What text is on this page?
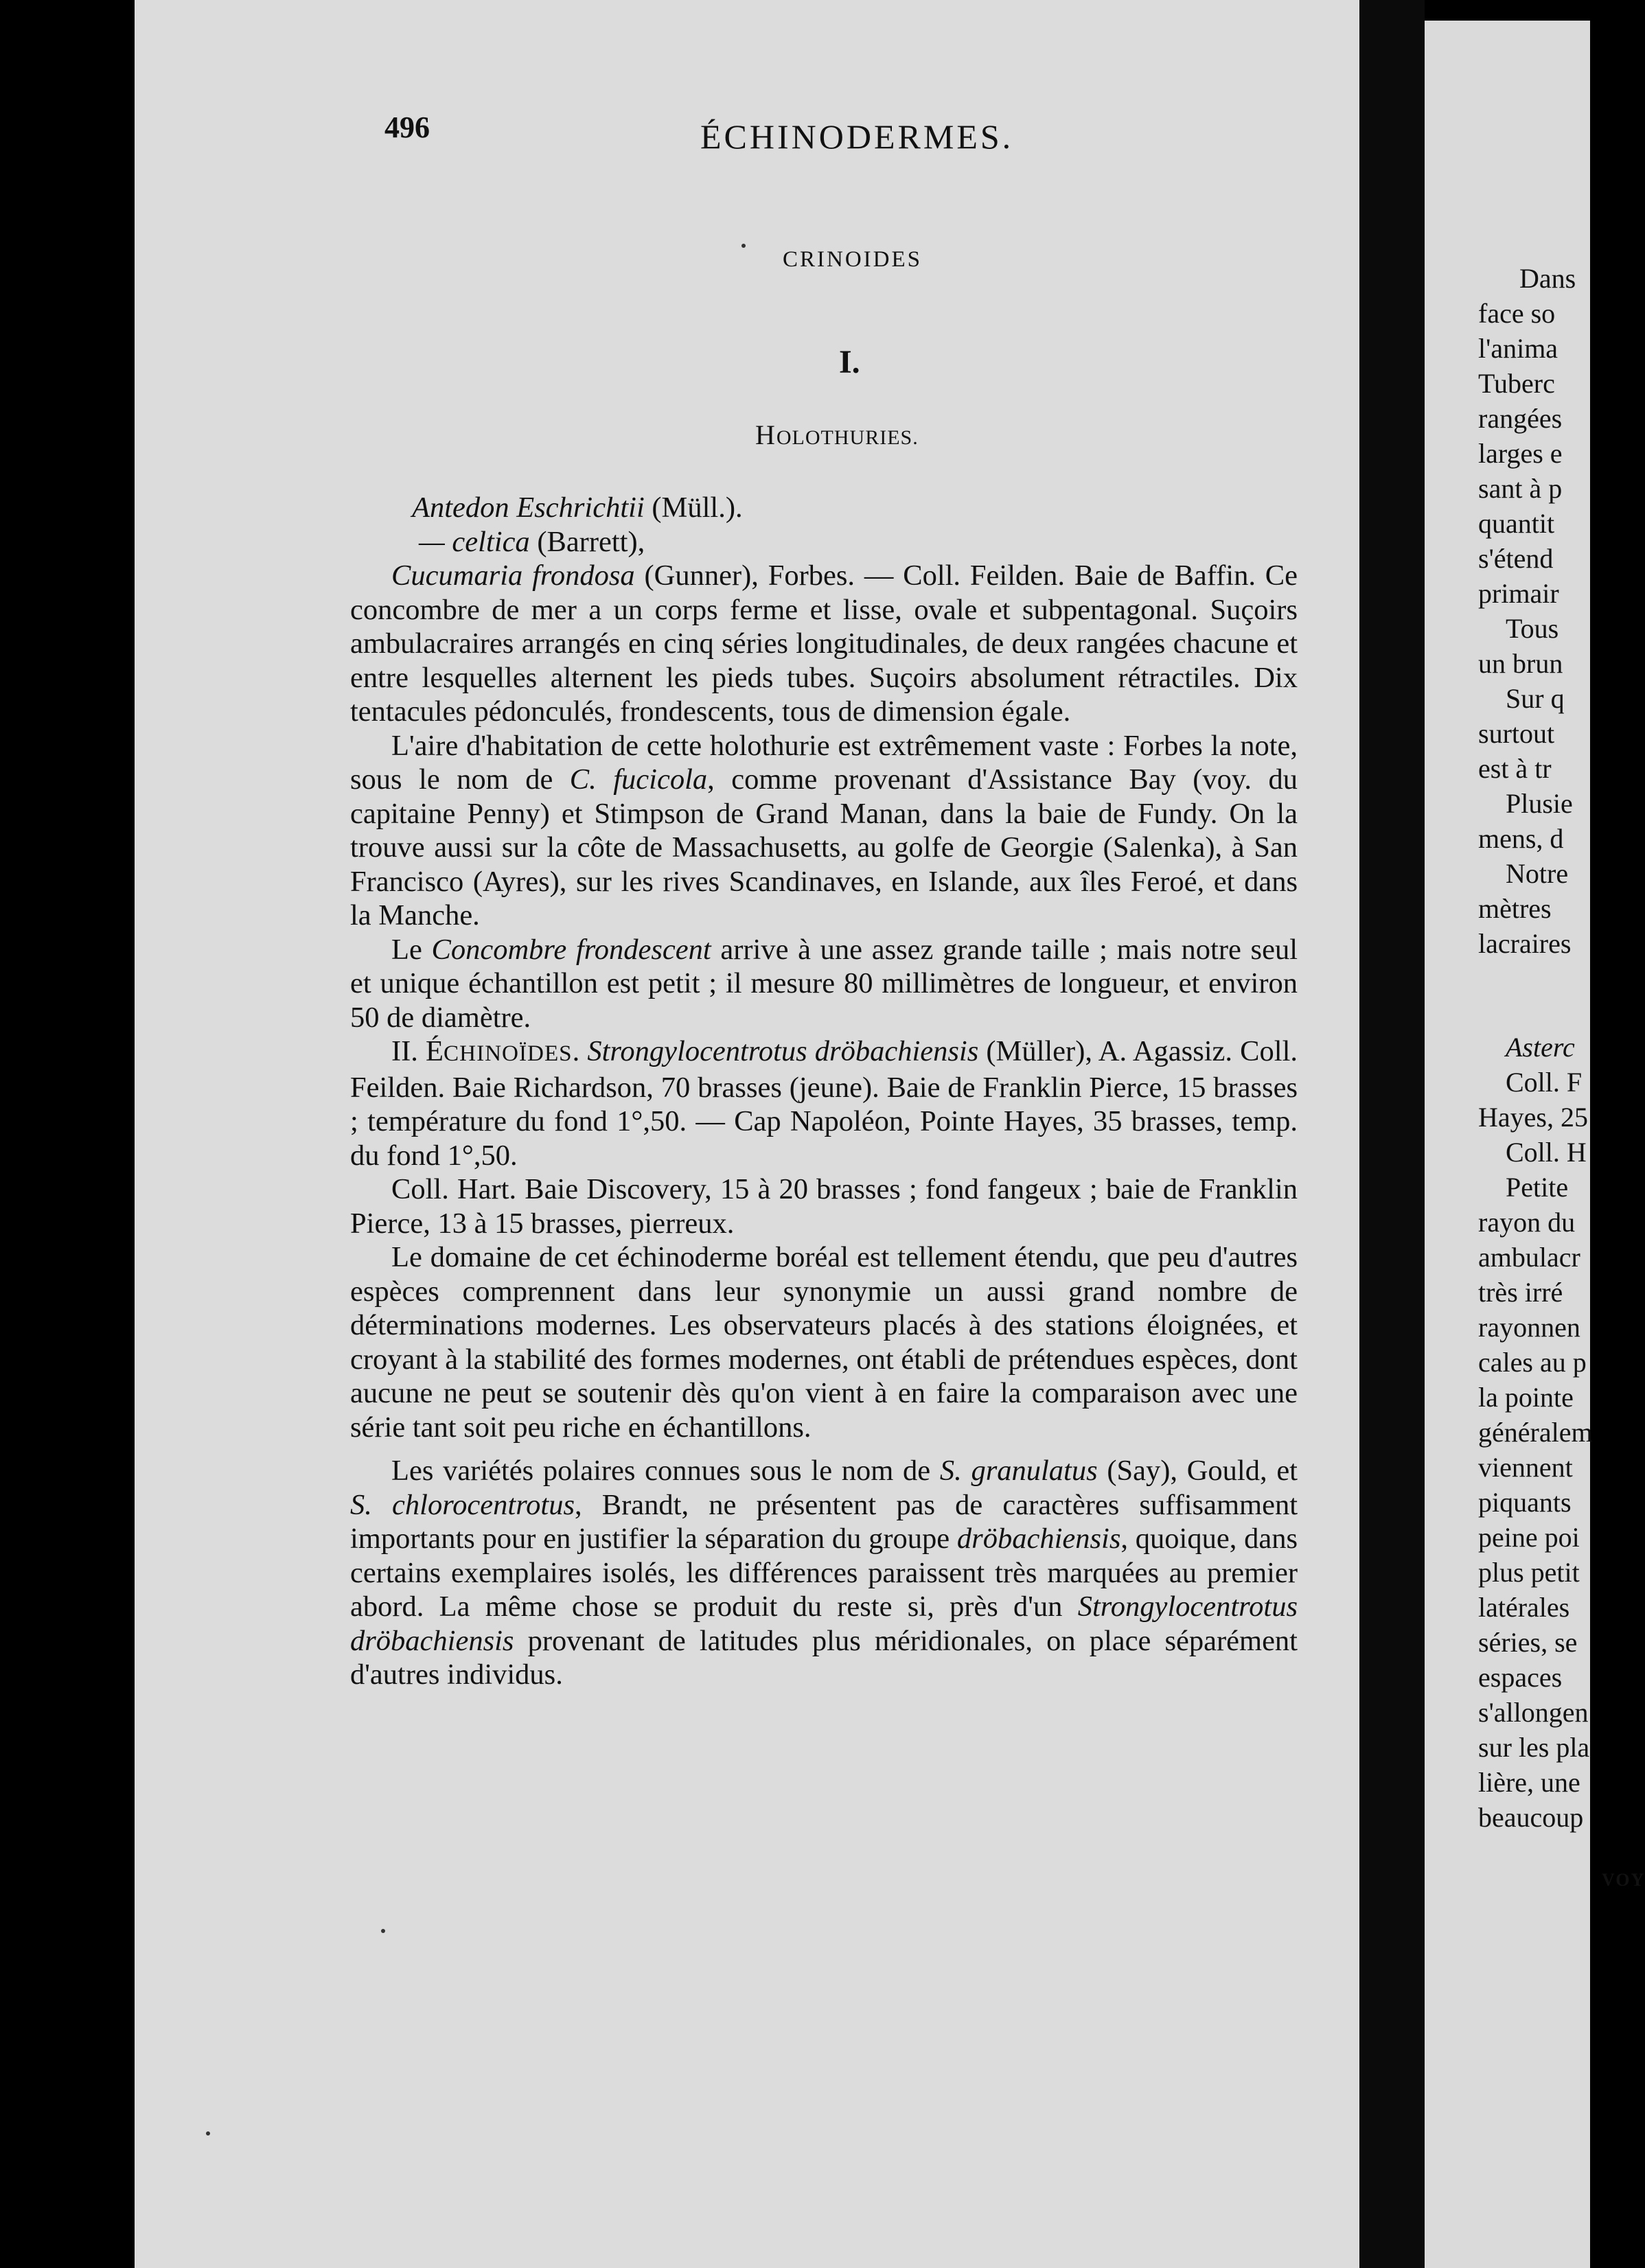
496	ÉCHINODERMES.
CRINOIDES
I.
HOLOTHURIES.

Antedon Eschrichtii (Müll.).

— celtica (Barrett),

Cucumaria frondosa (Gunner), Forbes. — Coll. Feilden. Baie de Baffin. Ce concombre de mer a un corps ferme et lisse, ovale et subpentagonal. Suçoirs ambulacraires arrangés en cinq séries longitudinales, de deux rangées chacune et entre lesquelles alternent les pieds tubes. Suçoirs absolument rétractiles. Dix tentacules pédonculés, frondescents, tous de dimension égale.

L'aire d'habitation de cette holothurie est extrêmement vaste : Forbes la note, sous le nom de C. fucicola, comme provenant d'Assistance Bay (voy. du capitaine Penny) et Stimpson de Grand Manan, dans la baie de Fundy. On la trouve aussi sur la côte de Massachusetts, au golfe de Georgie (Salenka), à San Francisco (Ayres), sur les rives Scandinaves, en Islande, aux îles Feroé, et dans la Manche.

Le Concombre frondescent arrive à une assez grande taille ; mais notre seul et unique échantillon est petit ; il mesure 80 millimètres de longueur, et environ 50 de diamètre.

II. ÉCHINOÏDES. Strongylocentrotus dröbachiensis (Müller), A. Agassiz. Coll. Feilden. Baie Richardson, 70 brasses (jeune). Baie de Franklin Pierce, 15 brasses ; température du fond 1°,50. — Cap Napoléon, Pointe Hayes, 35 brasses, temp. du fond 1°,50.

Coll. Hart. Baie Discovery, 15 à 20 brasses ; fond fangeux ; baie de Franklin Pierce, 13 à 15 brasses, pierreux.

Le domaine de cet échinoderme boréal est tellement étendu, que peu d'autres espèces comprennent dans leur synonymie un aussi grand nombre de déterminations modernes. Les observateurs placés à des stations éloignées, et croyant à la stabilité des formes modernes, ont établi de prétendues espèces, dont aucune ne peut se soutenir dès qu'on vient à en faire la comparaison avec une série tant soit peu riche en échantillons.

Les variétés polaires connues sous le nom de S. granulatus (Say), Gould, et S. chlorocentrotus, Brandt, ne présentent pas de caractères suffisamment importants pour en justifier la séparation du groupe dröbachiensis, quoique, dans certains exemplaires isolés, les différences paraissent très marquées au premier abord. La même chose se produit du reste si, près d'un Strongylocentrotus dröbachiensis provenant de latitudes plus méridionales, on place séparément d'autres individus.

Dans
face so
l'anima
Tuberc
rangées
larges e
sant à p
quantit
s'étend
primair
Tous
un brun
Sur q
surtout
est à tr
Plusie
mens, d
Notre
mètres
lacraires
Asterc
Coll. F
Hayes, 25
Coll. H
Petite
rayon du
ambulacr
très irré
rayonnen
cales au p
la pointe
généralem
viennent
piquants
peine poi
plus petit
latérales
séries, se
espaces
s'allongen
sur les pla
lière, une
beaucoup
VOY
